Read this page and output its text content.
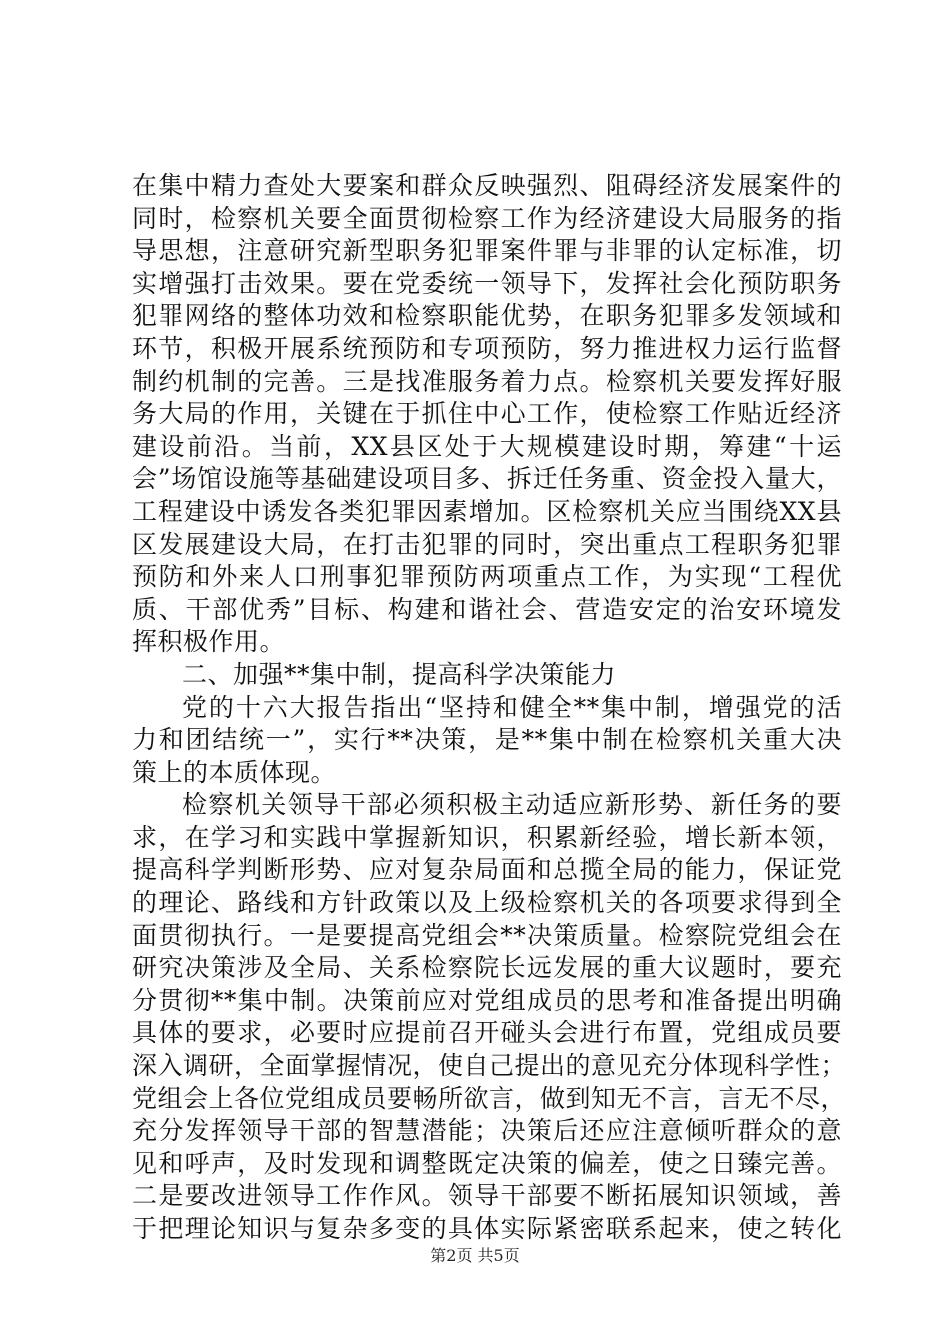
在集中精力查处大要案和群众反映强烈、阻碍经济发展案件的
同时，检察机关要全面贯彻检察工作为经济建设大局服务的指
导思想，注意研究新型职务犯罪案件罪与非罪的认定标准，切
实增强打击效果。要在党委统一领导下，发挥社会化预防职务
犯罪网络的整体功效和检察职能优势，在职务犯罪多发领域和
环节，积极开展系统预防和专项预防，努力推进权力运行监督
制约机制的完善。三是找准服务着力点。检察机关要发挥好服
务大局的作用，关键在于抓住中心工作，使检察工作贴近经济
建设前沿。当前，XX县区处于大规模建设时期，筹建“十运
会”场馆设施等基础建设项目多、拆迁任务重、资金投入量大，
工程建设中诱发各类犯罪因素增加。区检察机关应当围绕XX县
区发展建设大局，在打击犯罪的同时，突出重点工程职务犯罪
预防和外来人口刑事犯罪预防两项重点工作，为实现“工程优
质、干部优秀”目标、构建和谐社会、营造安定的治安环境发
挥积极作用。
二、加强**集中制，提高科学决策能力
党的十六大报告指出“坚持和健全**集中制，增强党的活
力和团结统一”，实行**决策，是**集中制在检察机关重大决
策上的本质体现。
检察机关领导干部必须积极主动适应新形势、新任务的要
求，在学习和实践中掌握新知识，积累新经验，增长新本领，
提高科学判断形势、应对复杂局面和总揽全局的能力，保证党
的理论、路线和方针政策以及上级检察机关的各项要求得到全
面贯彻执行。一是要提高党组会**决策质量。检察院党组会在
研究决策涉及全局、关系检察院长远发展的重大议题时，要充
分贯彻**集中制。决策前应对党组成员的思考和准备提出明确
具体的要求，必要时应提前召开碰头会进行布置，党组成员要
深入调研，全面掌握情况，使自己提出的意见充分体现科学性；
党组会上各位党组成员要畅所欲言，做到知无不言，言无不尽，
充分发挥领导干部的智慧潜能；决策后还应注意倾听群众的意
见和呼声，及时发现和调整既定决策的偏差，使之日臻完善。
二是要改进领导工作作风。领导干部要不断拓展知识领域，善
于把理论知识与复杂多变的具体实际紧密联系起来，使之转化
第2页 共5页
